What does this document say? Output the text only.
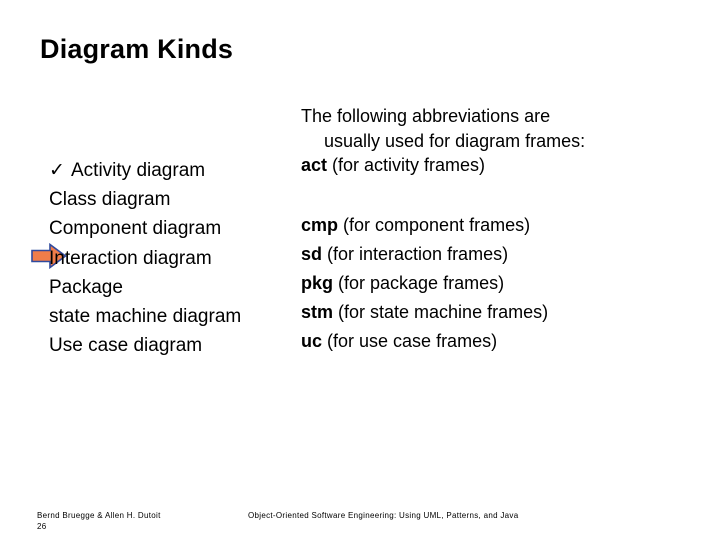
Diagram Kinds
✓ Activity diagram
Class diagram
Component diagram
Interaction diagram
Package
state machine diagram
Use case diagram
The following abbreviations are
usually used for diagram frames:
act (for activity frames)
cmp (for component frames)
sd (for interaction frames)
pkg (for package frames)
stm (for state machine frames)
uc (for use case frames)
Bernd Bruegge & Allen H. Dutoit
26
Object-Oriented Software Engineering: Using UML, Patterns, and Java
